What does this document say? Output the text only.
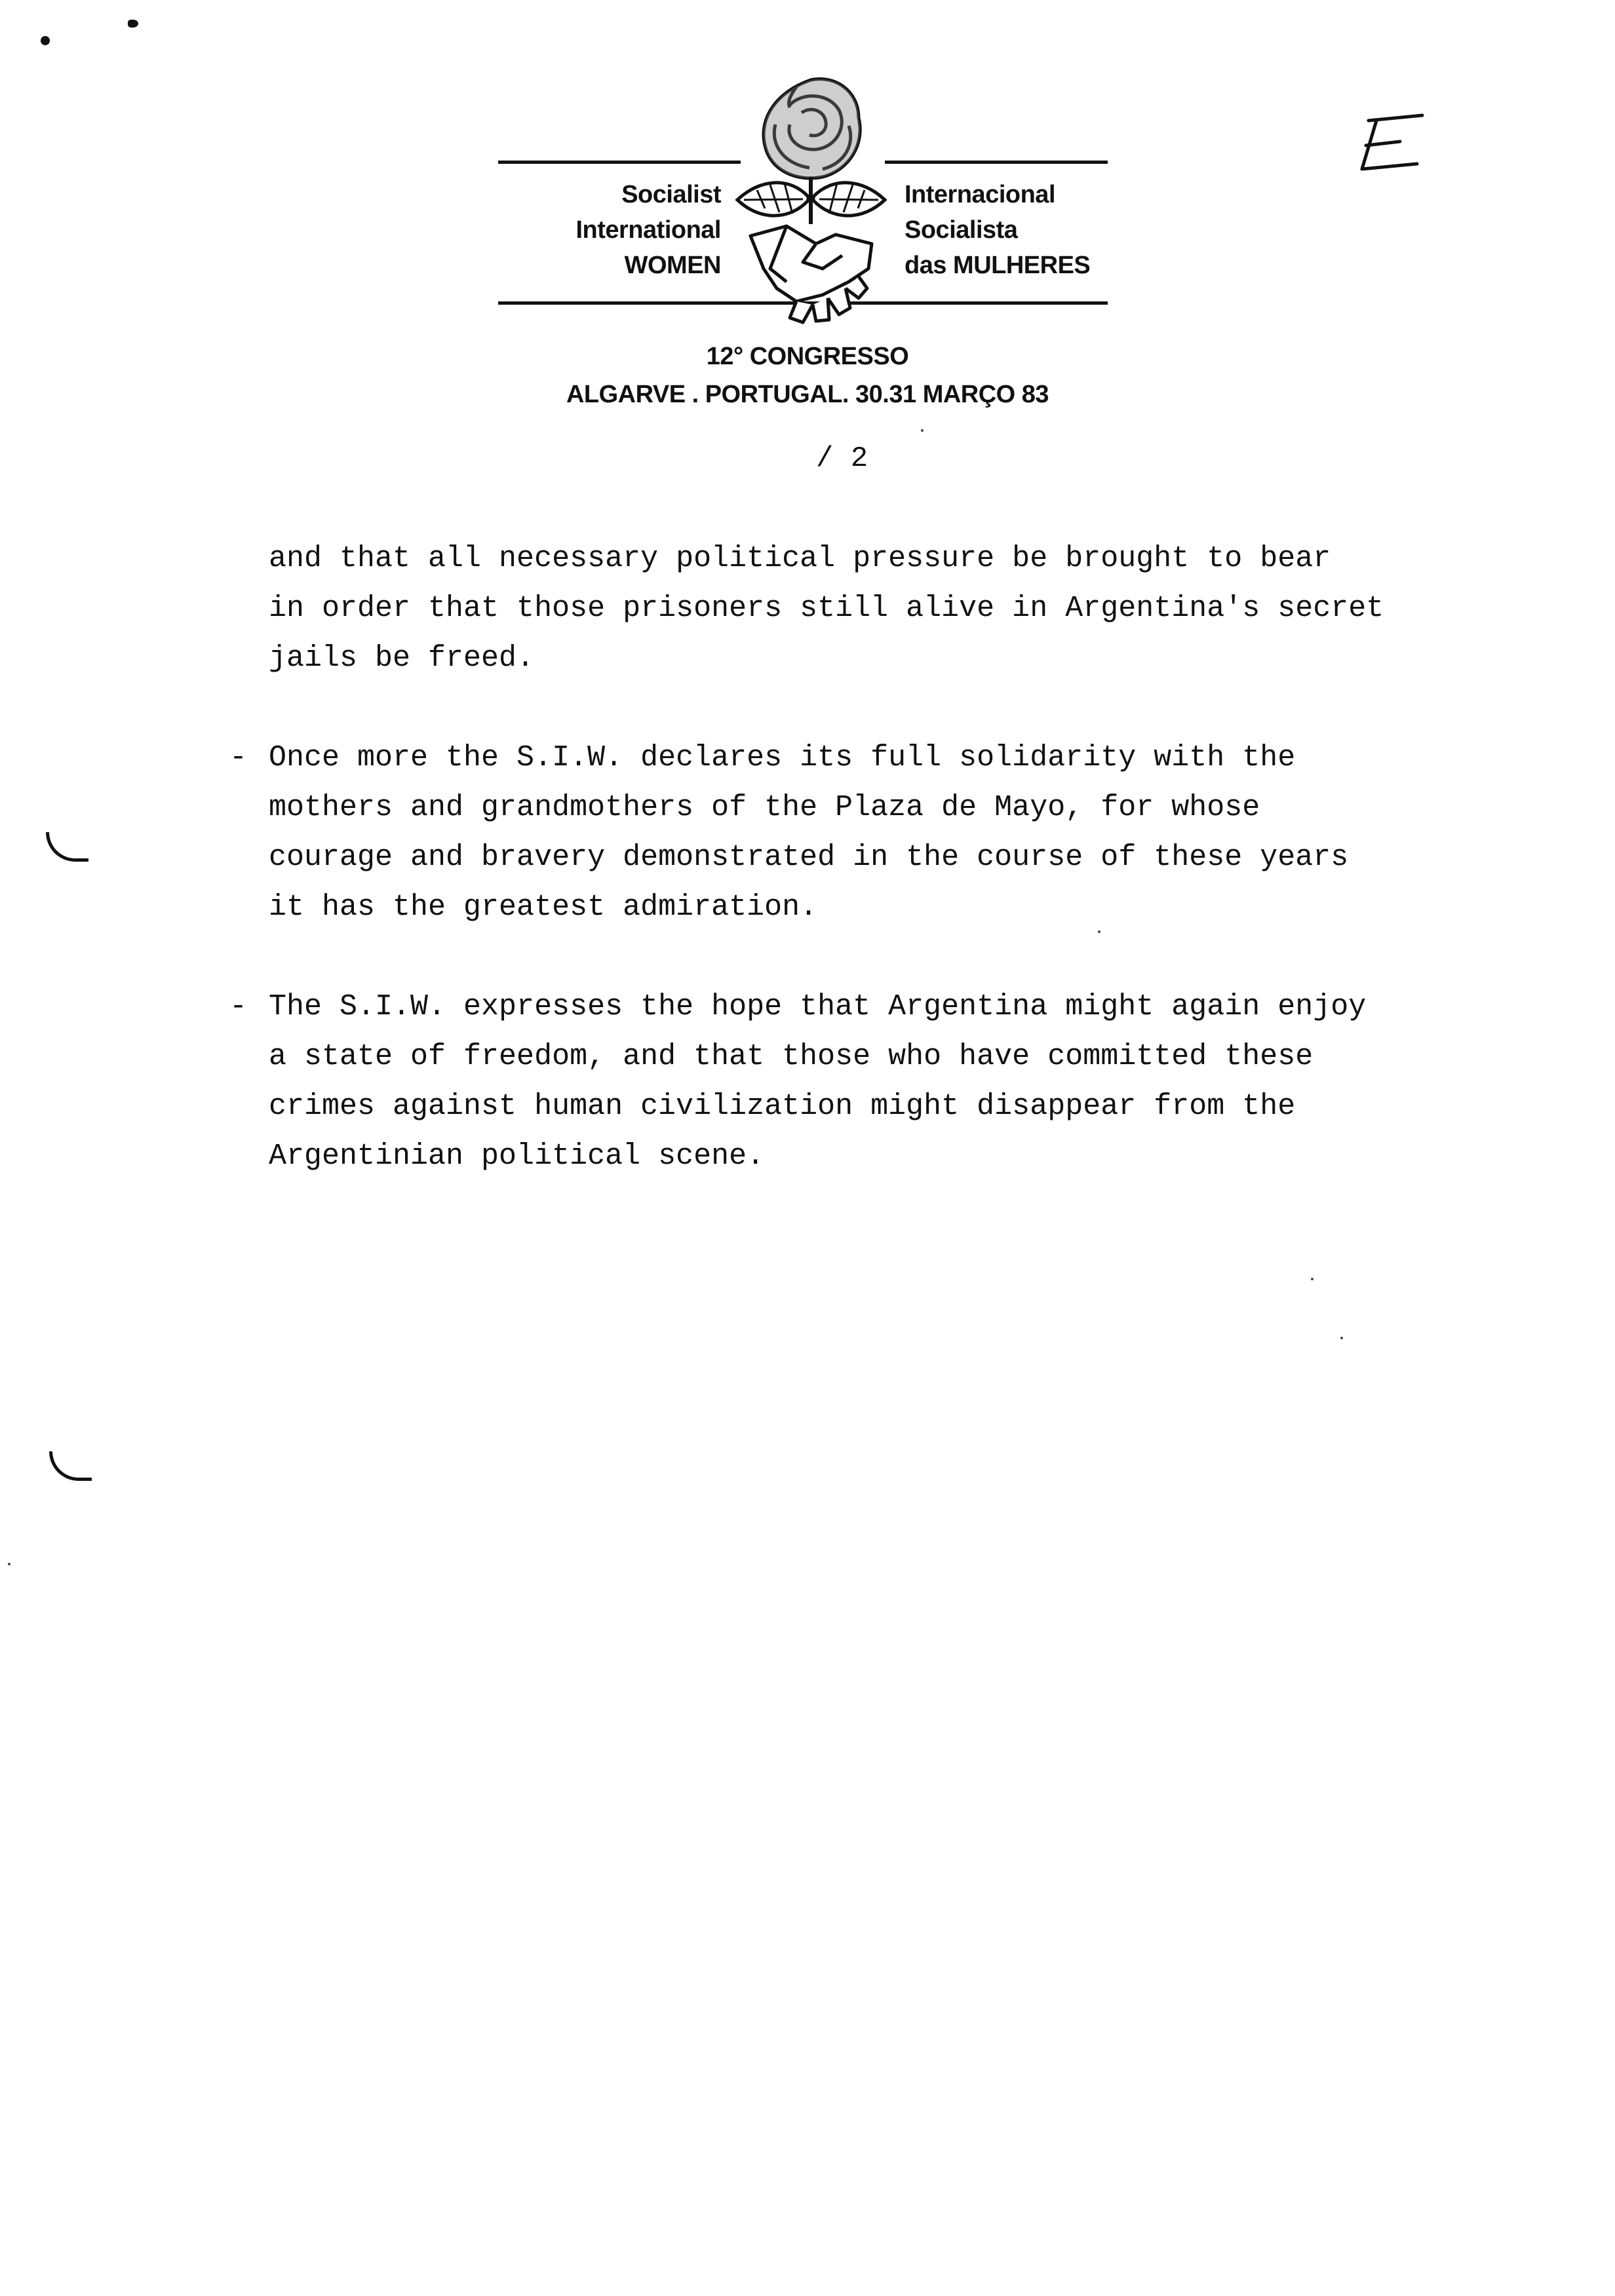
Socialist
International
WOMEN
Internacional
Socialista
das MULHERES
12° CONGRESSO
ALGARVE . PORTUGAL. 30.31 MARÇO 83
/ 2
and that all necessary political pressure be brought to bear
in order that those prisoners still alive in Argentina's secret
jails be freed.
- Once more the S.I.W. declares its full solidarity with the
mothers and grandmothers of the Plaza de Mayo, for whose
courage and bravery demonstrated in the course of these years
it has the greatest admiration.
- The S.I.W. expresses the hope that Argentina might again enjoy
a state of freedom, and that those who have committed these
crimes against human civilization might disappear from the
Argentinian political scene.
